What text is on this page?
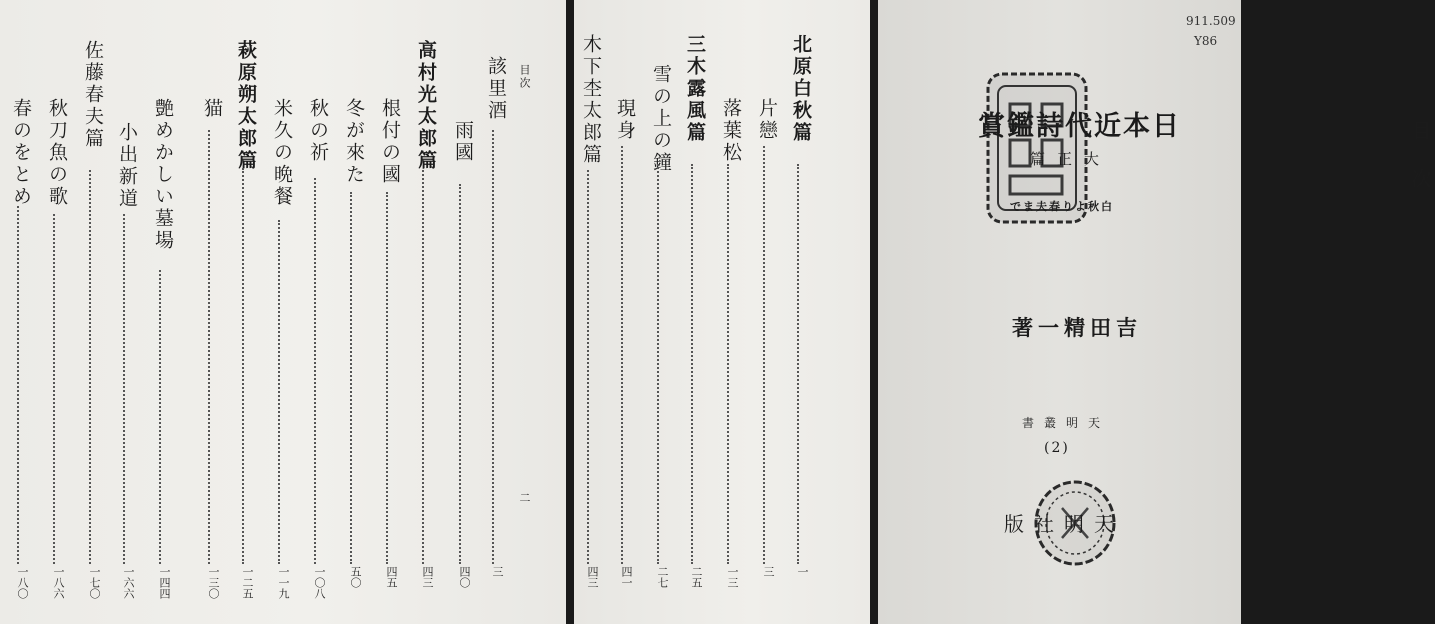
目次
二
該里酒
三
雨國
四〇
高村光太郎篇
四三
根付の國
四五
冬が來た
五〇
秋の祈
一〇八
米久の晩餐
一一九
萩原朔太郎篇
一二五
猫
一三〇
艶めかしい墓場
一四四
小出新道
一六六
佐藤春夫篇
一七〇
秋刀魚の歌
一八六
春のをとめ
一八〇
目次
北原白秋篇
一
片戀
三
落葉松
一三
三木露風篇
二五
雪の上の鐘
二七
現身
四一
木下杢太郎篇
四三
911.509
Y86
日本近代詩鑑賞
大正篇
白秋より春夫まで
吉田精一著
天明叢書
(2)
天明社版
